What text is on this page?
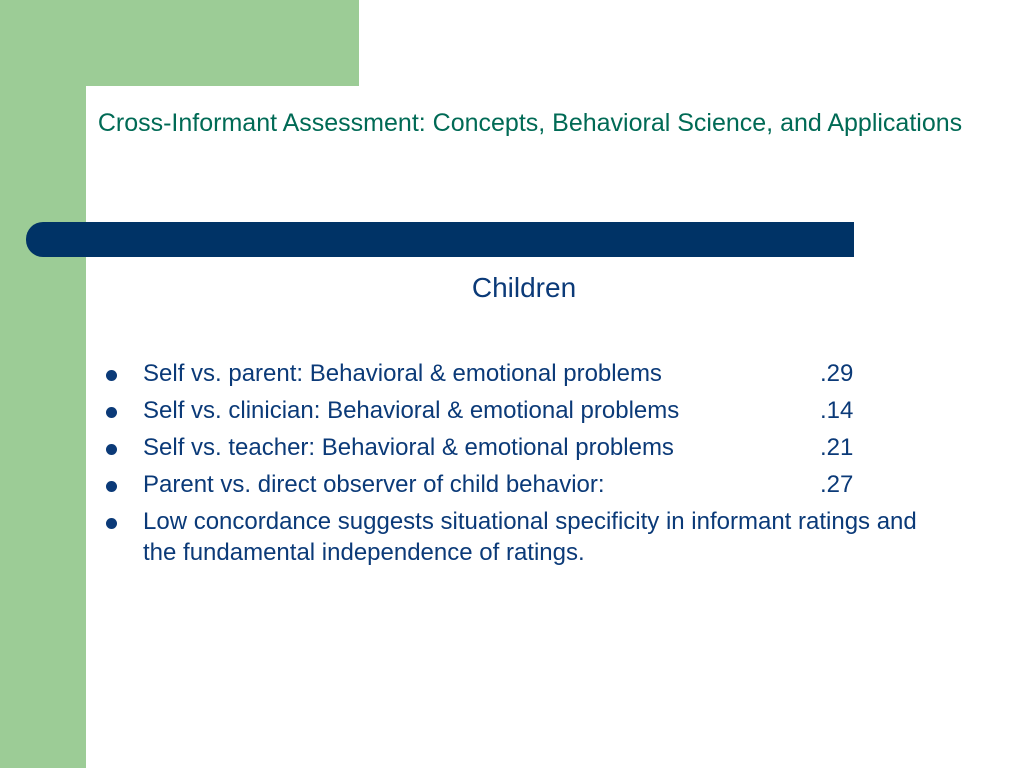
Cross-Informant Assessment: Concepts, Behavioral Science, and Applications
Children
Self vs. parent: Behavioral & emotional problems	.29
Self vs. clinician: Behavioral & emotional problems	.14
Self vs. teacher: Behavioral & emotional problems	.21
Parent vs. direct observer of child behavior:	.27
Low concordance suggests situational specificity in informant ratings and the fundamental independence of ratings.
